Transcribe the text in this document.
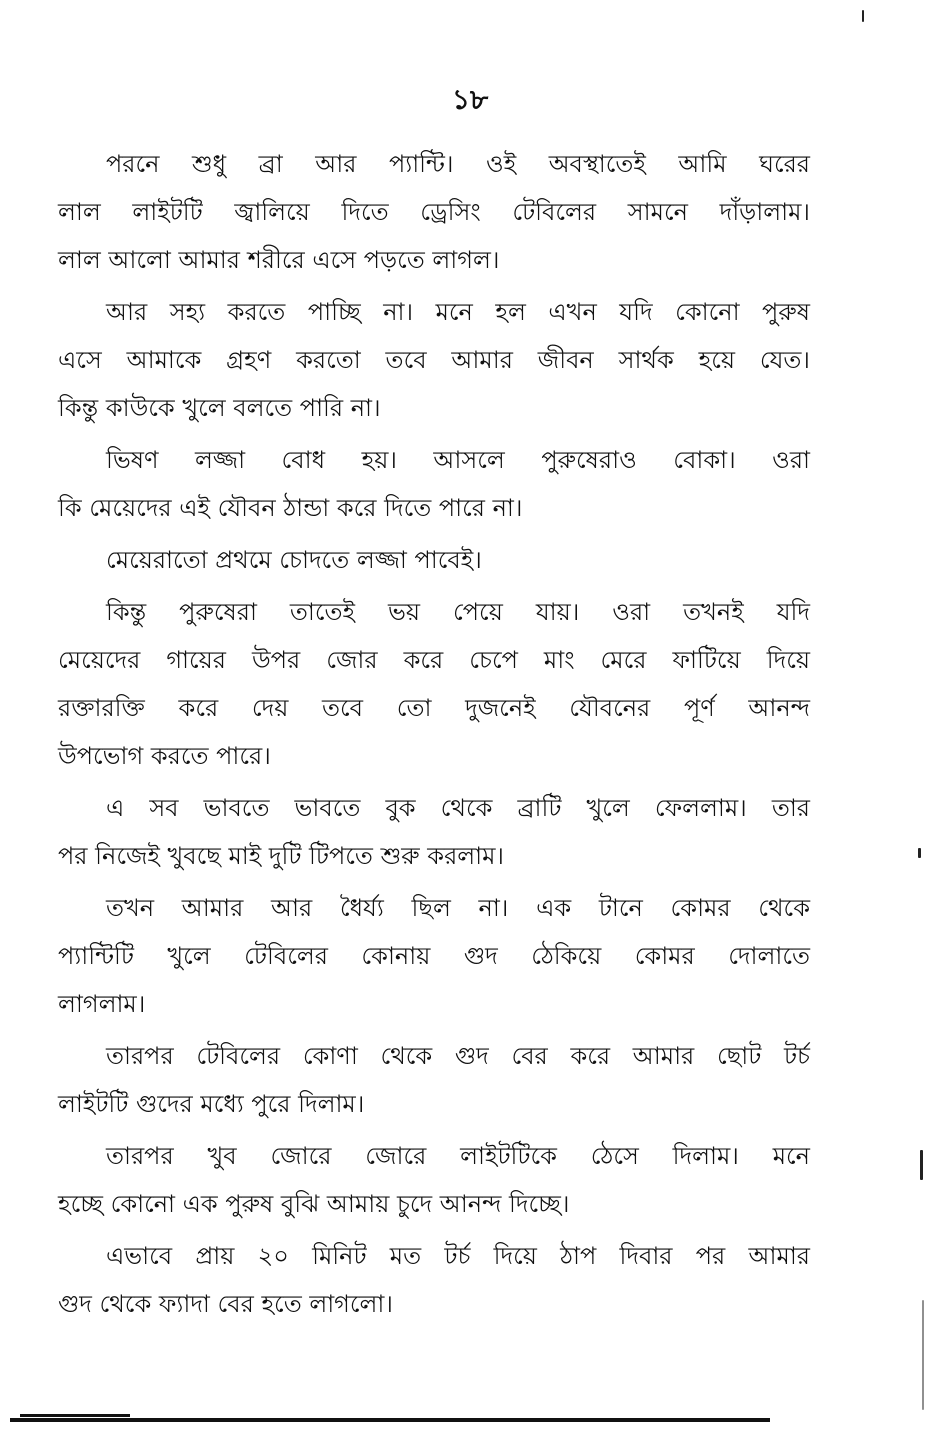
১৮
পরনে শুধু ব্রা আর প্যান্টি। ওই অবস্থাতেই আমি ঘরের
লাল লাইটটি জ্বালিয়ে দিতে ড্রেসিং টেবিলের সামনে দাঁড়ালাম।
লাল আলো আমার শরীরে এসে পড়তে লাগল।
আর সহ্য করতে পাচ্ছি না। মনে হল এখন যদি কোনো পুরুষ
এসে আমাকে গ্রহণ করতো তবে আমার জীবন সার্থক হয়ে যেত।
কিন্তু কাউকে খুলে বলতে পারি না।
ভিষণ লজ্জা বোধ হয়। আসলে পুরুষেরাও বোকা। ওরা
কি মেয়েদের এই যৌবন ঠান্ডা করে দিতে পারে না।
মেয়েরাতো প্রথমে চোদতে লজ্জা পাবেই।
কিন্তু পুরুষেরা তাতেই ভয় পেয়ে যায়। ওরা তখনই যদি
মেয়েদের গায়ের উপর জোর করে চেপে মাং মেরে ফাটিয়ে দিয়ে
রক্তারক্তি করে দেয় তবে তো দুজনেই যৌবনের পূর্ণ আনন্দ
উপভোগ করতে পারে।
এ সব ভাবতে ভাবতে বুক থেকে ব্রাটি খুলে ফেললাম। তার
পর নিজেই খুবছে মাই দুটি টিপতে শুরু করলাম।
তখন আমার আর ধৈর্য্য ছিল না। এক টানে কোমর থেকে
প্যান্টিটি খুলে টেবিলের কোনায় গুদ ঠেকিয়ে কোমর দোলাতে
লাগলাম।
তারপর টেবিলের কোণা থেকে গুদ বের করে আমার ছোট টর্চ
লাইটটি গুদের মধ্যে পুরে দিলাম।
তারপর খুব জোরে জোরে লাইটটিকে ঠেসে দিলাম। মনে
হচ্ছে কোনো এক পুরুষ বুঝি আমায় চুদে আনন্দ দিচ্ছে।
এভাবে প্রায় ২০ মিনিট মত টর্চ দিয়ে ঠাপ দিবার পর আমার
গুদ থেকে ফ্যাদা বের হতে লাগলো।
